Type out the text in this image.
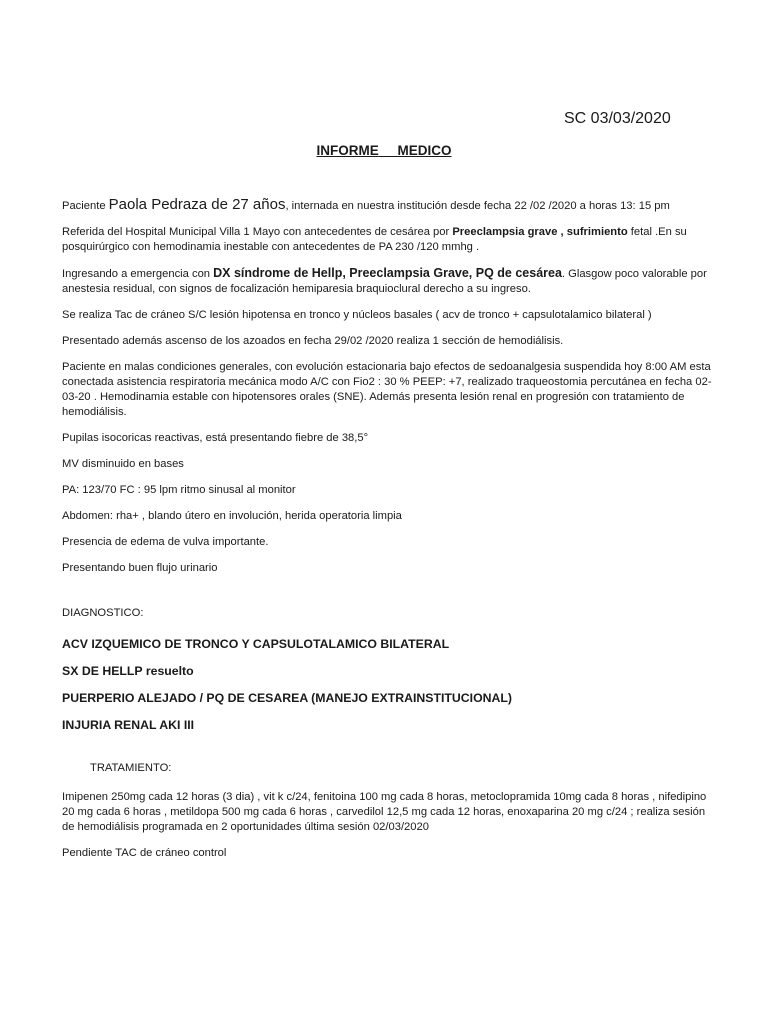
SC 03/03/2020
INFORME MEDICO

Paciente Paola Pedraza de 27 años, internada en nuestra institución desde fecha 22 /02 /2020 a horas 13: 15 pm

Referida del Hospital Municipal Villa 1 Mayo con antecedentes de cesárea por Preeclampsia grave , sufrimiento fetal .En su posquirúrgico con hemodinamia inestable con antecedentes de PA 230 /120 mmhg .

Ingresando a emergencia con DX síndrome de Hellp, Preeclampsia Grave, PQ de cesárea. Glasgow poco valorable por anestesia residual, con signos de focalización hemiparesia braquioclural derecho a su ingreso.

Se realiza Tac de cráneo S/C lesión hipotensa en tronco y núcleos basales ( acv de tronco + capsulotalamico bilateral )

Presentado además ascenso de los azoados en fecha 29/02 /2020 realiza 1 sección de hemodiálisis.

Paciente en malas condiciones generales, con evolución estacionaria bajo efectos de sedoanalgesia suspendida hoy 8:00 AM esta conectada asistencia respiratoria mecánica modo A/C con Fio2 : 30 % PEEP: +7, realizado traqueostomia percutánea en fecha 02-03-20 . Hemodinamia estable con hipotensores orales (SNE). Además presenta lesión renal en progresión con tratamiento de hemodiálisis.

Pupilas isocoricas reactivas, está presentando fiebre de 38,5°

MV disminuido en bases

PA: 123/70 FC : 95 lpm ritmo sinusal al monitor

Abdomen: rha+ , blando útero en involución, herida operatoria limpia

Presencia de edema de vulva importante.

Presentando buen flujo urinario

DIAGNOSTICO:

ACV IZQUEMICO DE TRONCO Y CAPSULOTALAMICO BILATERAL

SX DE HELLP resuelto

PUERPERIO ALEJADO / PQ DE CESAREA (MANEJO EXTRAINSTITUCIONAL)

INJURIA RENAL AKI III

TRATAMIENTO:

Imipenen 250mg cada 12 horas (3 dia) , vit k c/24, fenitoina 100 mg cada 8 horas, metoclopramida 10mg cada 8 horas , nifedipino 20 mg cada 6 horas , metildopa 500 mg cada 6 horas , carvedilol 12,5 mg cada 12 horas, enoxaparina 20 mg c/24 ; realiza sesión de hemodiálisis programada en 2 oportunidades última sesión 02/03/2020

Pendiente TAC de cráneo control
